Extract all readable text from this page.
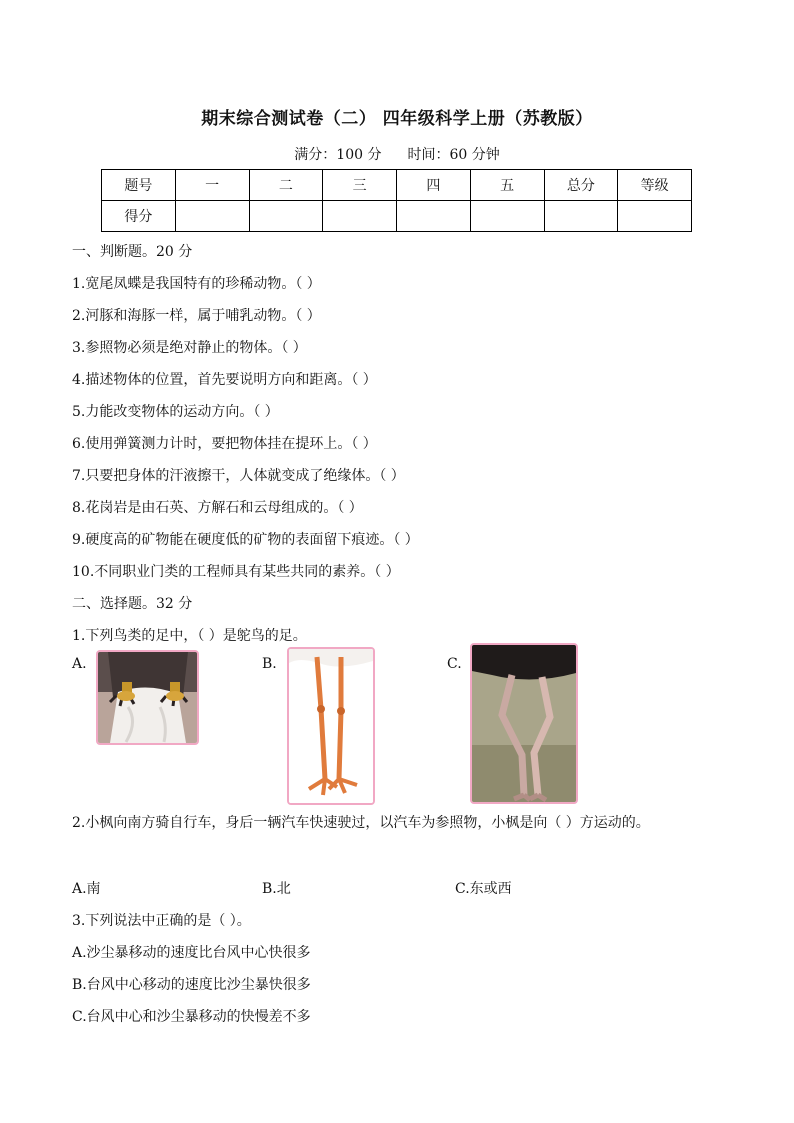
期末综合测试卷（二） 四年级科学上册（苏教版）
满分：100 分 时间：60 分钟
题号	一	二	三	四	五	总分	等级
得分							
一、判断题。20 分
1.宽尾凤蝶是我国特有的珍稀动物。（ ）
2.河豚和海豚一样，属于哺乳动物。（ ）
3.参照物必须是绝对静止的物体。（ ）
4.描述物体的位置，首先要说明方向和距离。（ ）
5.力能改变物体的运动方向。（ ）
6.使用弹簧测力计时，要把物体挂在提环上。（ ）
7.只要把身体的汗液擦干，人体就变成了绝缘体。（ ）
8.花岗岩是由石英、方解石和云母组成的。（ ）
9.硬度高的矿物能在硬度低的矿物的表面留下痕迹。（ ）
10.不同职业门类的工程师具有某些共同的素养。（ ）
二、选择题。32 分
1.下列鸟类的足中，（ ）是鸵鸟的足。
A.	B.	C.
2.小枫向南方骑自行车，身后一辆汽车快速驶过，以汽车为参照物，小枫是向（ ）方运动的。
A.南	B.北	C.东或西
3.下列说法中正确的是（ ）。
A.沙尘暴移动的速度比台风中心快很多
B.台风中心移动的速度比沙尘暴快很多
C.台风中心和沙尘暴移动的快慢差不多
